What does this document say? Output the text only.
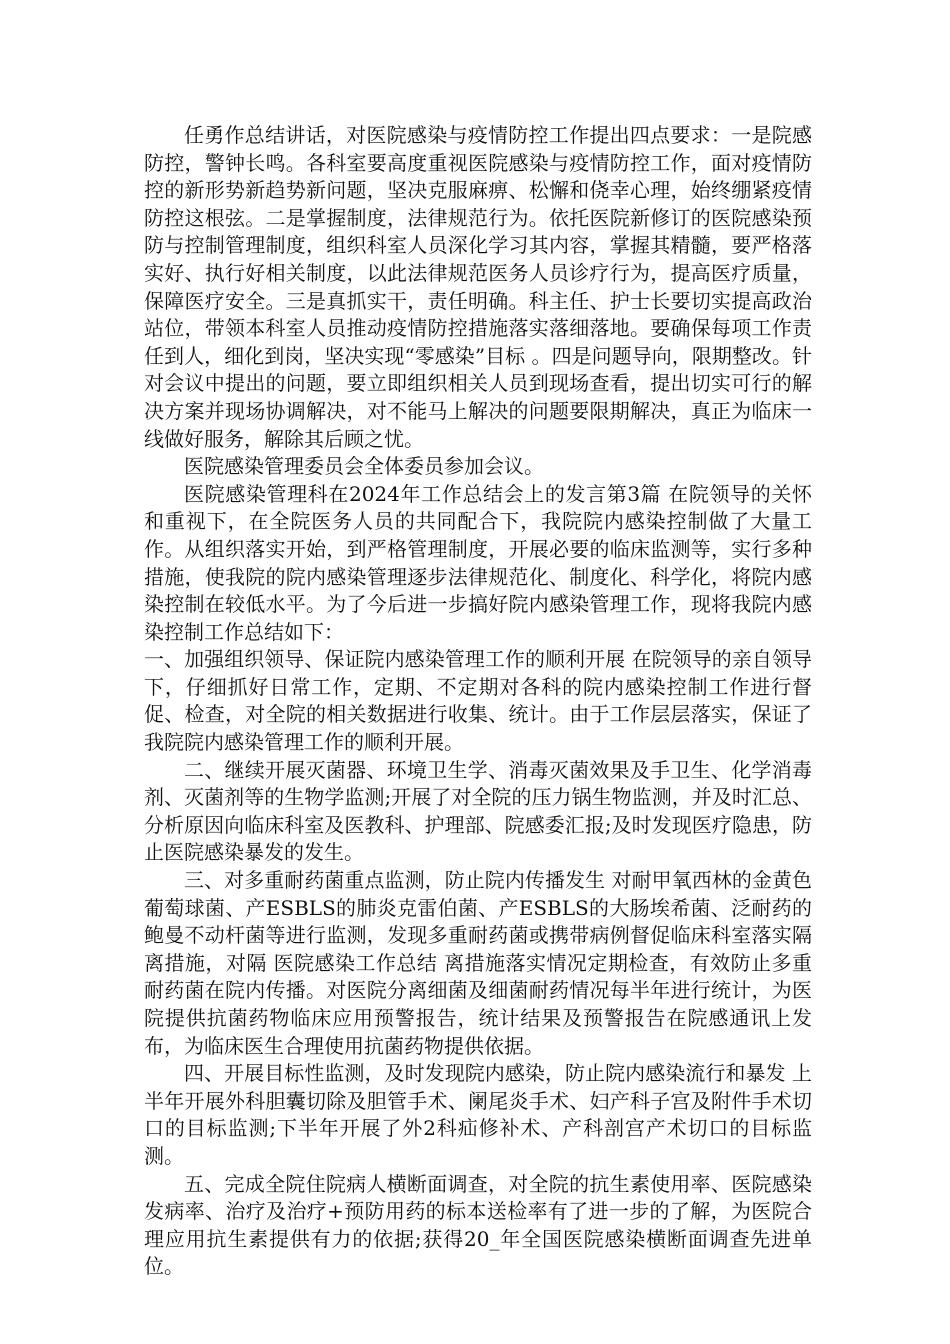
任勇作总结讲话，对医院感染与疫情防控工作提出四点要求：一是院感防控，警钟长鸣。各科室要高度重视医院感染与疫情防控工作，面对疫情防控的新形势新趋势新问题，坚决克服麻痹、松懈和侥幸心理，始终绷紧疫情防控这根弦。二是掌握制度，法律规范行为。依托医院新修订的医院感染预防与控制管理制度，组织科室人员深化学习其内容，掌握其精髓，要严格落实好、执行好相关制度，以此法律规范医务人员诊疗行为，提高医疗质量，保障医疗安全。三是真抓实干，责任明确。科主任、护士长要切实提高政治站位，带领本科室人员推动疫情防控措施落实落细落地。要确保每项工作责任到人，细化到岗，坚决实现“零感染”目标 。四是问题导向，限期整改。针对会议中提出的问题，要立即组织相关人员到现场查看，提出切实可行的解决方案并现场协调解决，对不能马上解决的问题要限期解决，真正为临床一线做好服务，解除其后顾之忧。

医院感染管理委员会全体委员参加会议。

医院感染管理科在2024年工作总结会上的发言第3篇 在院领导的关怀和重视下，在全院医务人员的共同配合下，我院院内感染控制做了大量工作。从组织落实开始，到严格管理制度，开展必要的临床监测等，实行多种措施，使我院的院内感染管理逐步法律规范化、制度化、科学化，将院内感染控制在较低水平。为了今后进一步搞好院内感染管理工作，现将我院内感染控制工作总结如下：

一、加强组织领导、保证院内感染管理工作的顺利开展 在院领导的亲自领导下，仔细抓好日常工作，定期、不定期对各科的院内感染控制工作进行督促、检查，对全院的相关数据进行收集、统计。由于工作层层落实，保证了我院院内感染管理工作的顺利开展。

二、继续开展灭菌器、环境卫生学、消毒灭菌效果及手卫生、化学消毒剂、灭菌剂等的生物学监测;开展了对全院的压力锅生物监测，并及时汇总、分析原因向临床科室及医教科、护理部、院感委汇报;及时发现医疗隐患，防止医院感染暴发的发生。

三、对多重耐药菌重点监测，防止院内传播发生 对耐甲氧西林的金黄色葡萄球菌、产ESBLS的肺炎克雷伯菌、产ESBLS的大肠埃希菌、泛耐药的鲍曼不动杆菌等进行监测，发现多重耐药菌或携带病例督促临床科室落实隔离措施，对隔 医院感染工作总结 离措施落实情况定期检查，有效防止多重耐药菌在院内传播。对医院分离细菌及细菌耐药情况每半年进行统计，为医院提供抗菌药物临床应用预警报告，统计结果及预警报告在院感通讯上发布，为临床医生合理使用抗菌药物提供依据。

四、开展目标性监测，及时发现院内感染，防止院内感染流行和暴发 上半年开展外科胆囊切除及胆管手术、阑尾炎手术、妇产科子宫及附件手术切口的目标监测;下半年开展了外2科疝修补术、产科剖宫产术切口的目标监测。

五、完成全院住院病人横断面调查，对全院的抗生素使用率、医院感染发病率、治疗及治疗+预防用药的标本送检率有了进一步的了解，为医院合理应用抗生素提供有力的依据;获得20_年全国医院感染横断面调查先进单位。
